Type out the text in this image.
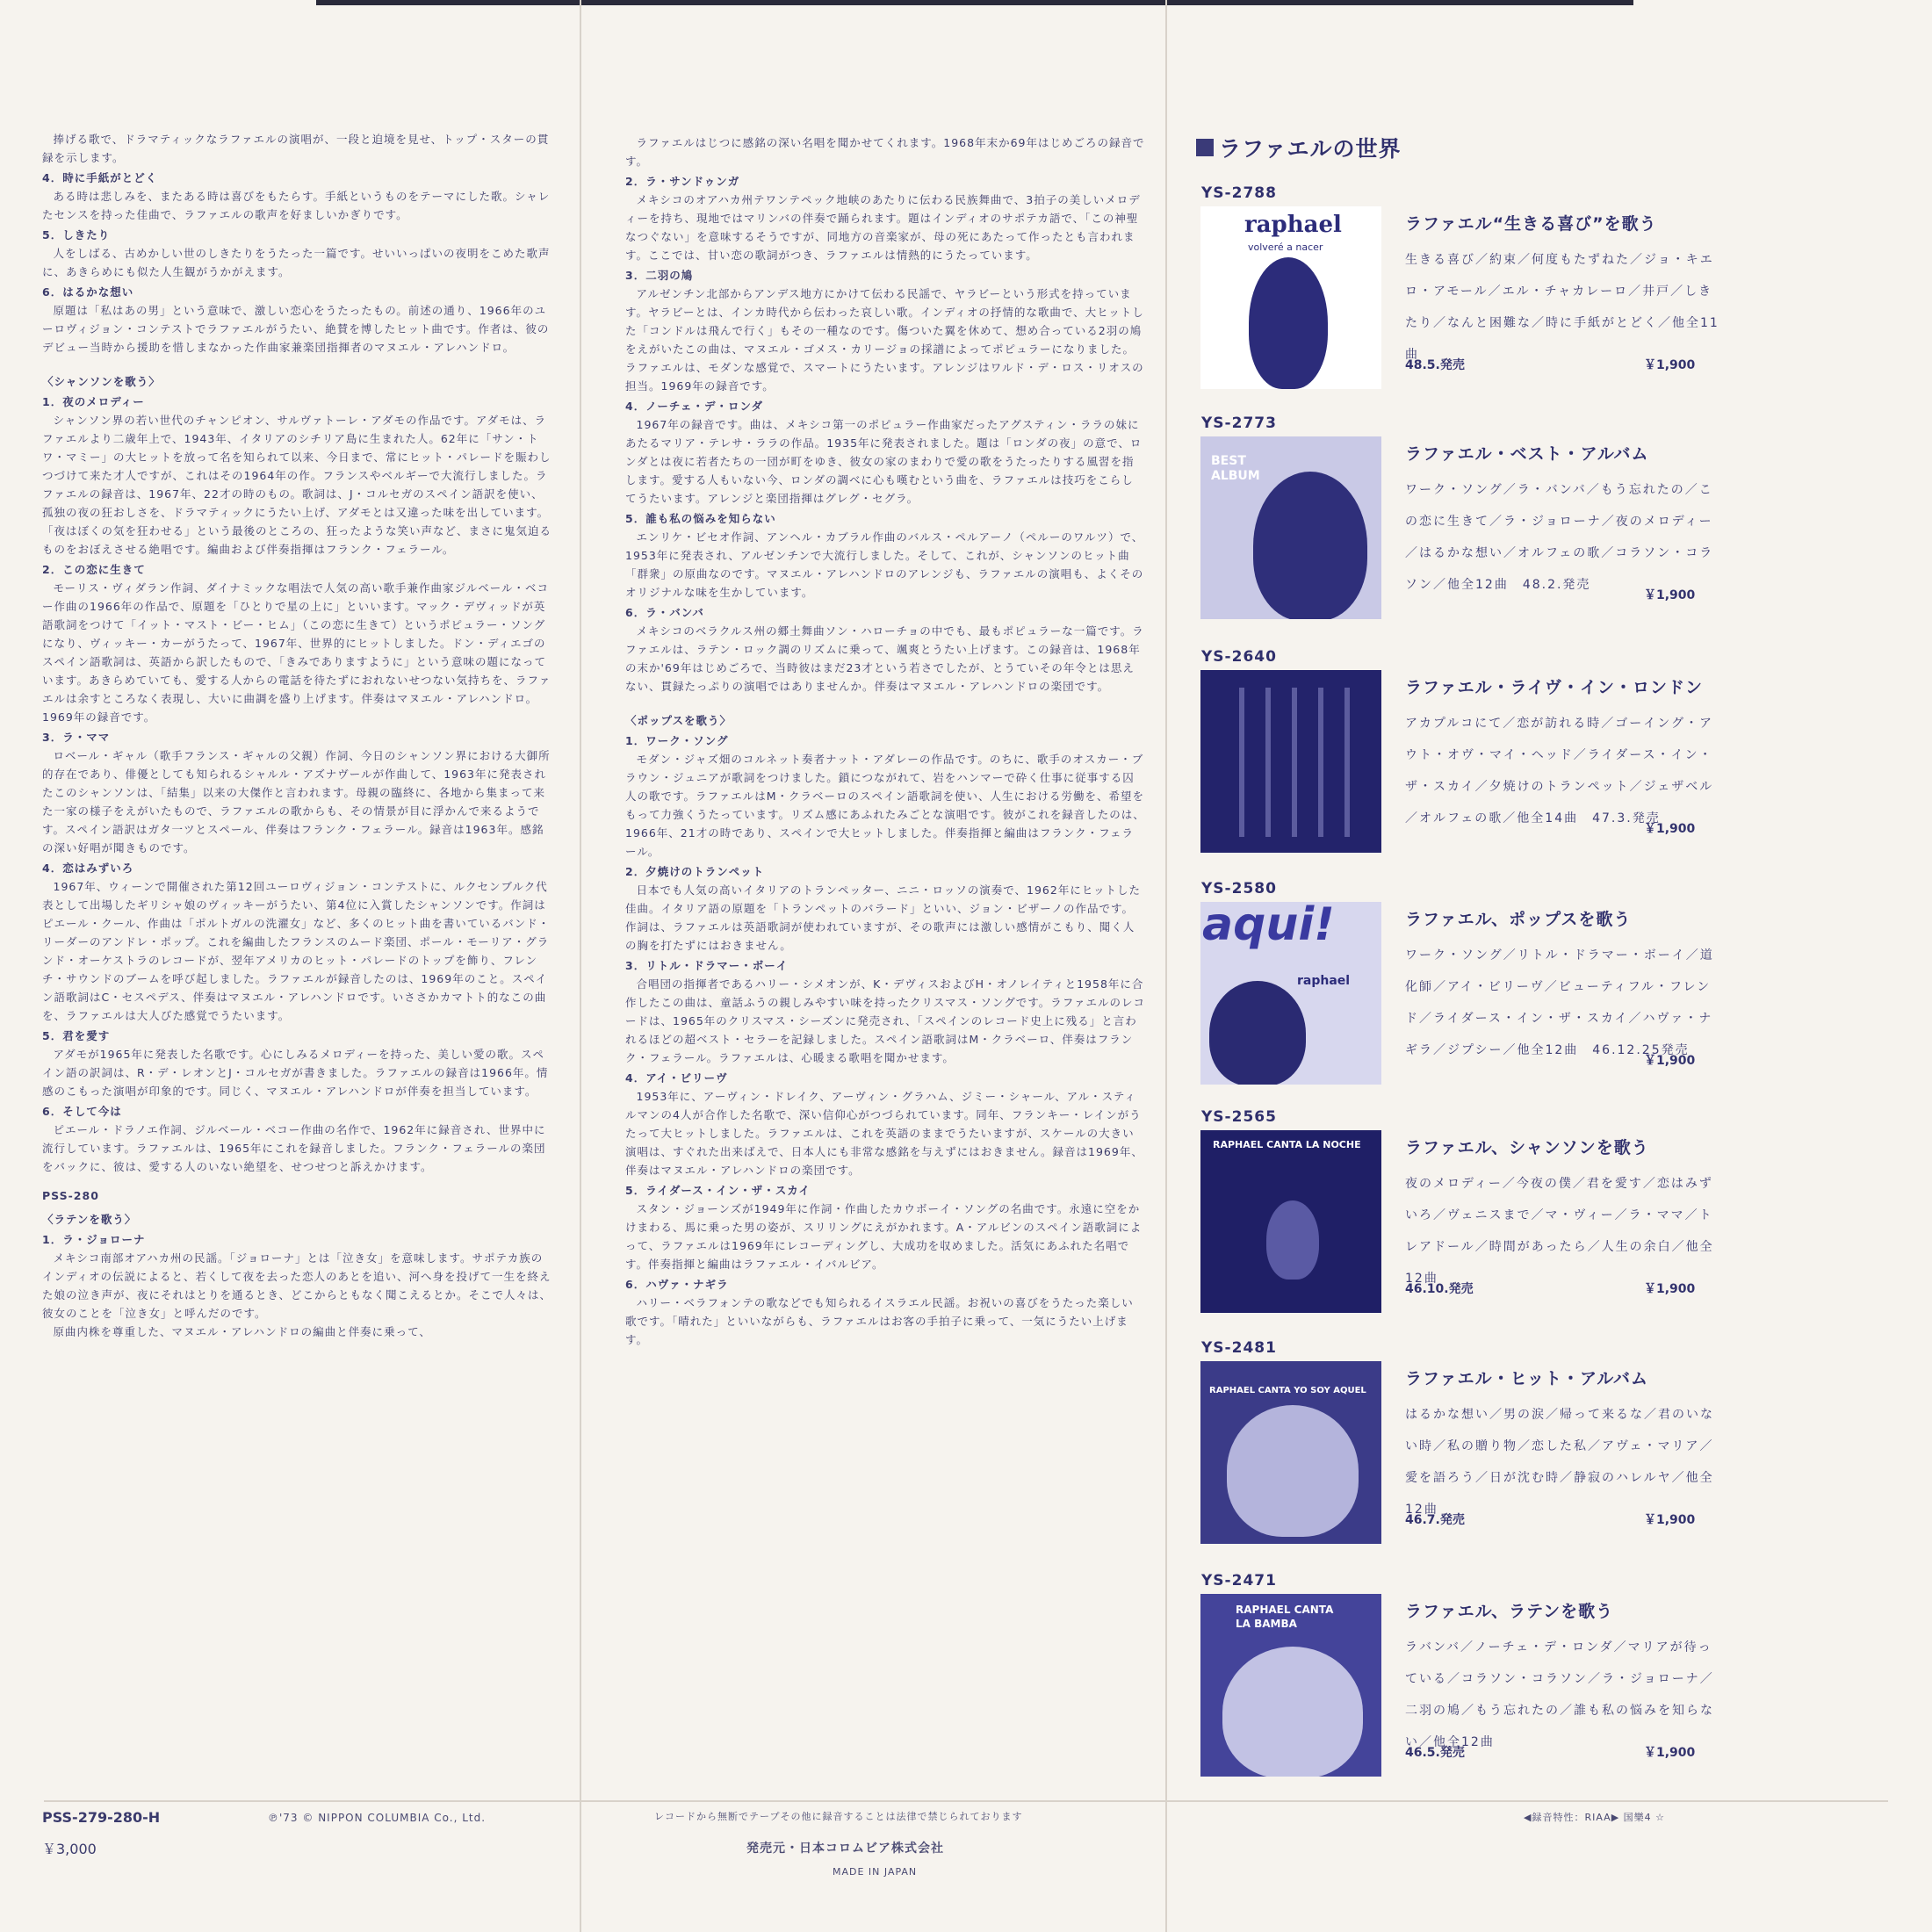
捧げる歌で、ドラマティックなラファエルの演唱が、一段と迫境を見せ、トップ・スターの貫録を示します。

4．時に手紙がとどく

ある時は悲しみを、またある時は喜びをもたらす。手紙というものをテーマにした歌。シャレたセンスを持った佳曲で、ラファエルの歌声を好ましいかぎりです。

5．しきたり

人をしばる、古めかしい世のしきたりをうたった一篇です。せいいっぱいの夜明をこめた歌声に、あきらめにも似た人生観がうかがえます。

6．はるかな想い

原題は「私はあの男」という意味で、激しい恋心をうたったもの。前述の通り、1966年のユーロヴィジョン・コンテストでラファエルがうたい、絶賛を博したヒット曲です。作者は、彼のデビュー当時から援助を惜しまなかった作曲家兼楽団指揮者のマヌエル・アレハンドロ。

〈シャンソンを歌う〉

1．夜のメロディー

シャンソン界の若い世代のチャンピオン、サルヴァトーレ・アダモの作品です。アダモは、ラファエルより二歳年上で、1943年、イタリアのシチリア島に生まれた人。62年に「サン・トワ・マミー」の大ヒットを放って名を知られて以来、今日まで、常にヒット・パレードを賑わしつづけて来た才人ですが、これはその1964年の作。フランスやベルギーで大流行しました。ラファエルの録音は、1967年、22才の時のもの。歌詞は、J・コルセガのスペイン語訳を使い、孤独の夜の狂おしさを、ドラマティックにうたい上げ、アダモとは又違った味を出しています。「夜はぼくの気を狂わせる」という最後のところの、狂ったような笑い声など、まさに鬼気迫るものをおぼえさせる絶唱です。編曲および伴奏指揮はフランク・フェラール。

2．この恋に生きて

モーリス・ヴィダラン作詞、ダイナミックな唱法で人気の高い歌手兼作曲家ジルベール・ベコー作曲の1966年の作品で、原題を「ひとりで星の上に」といいます。マック・デヴィッドが英語歌詞をつけて「イット・マスト・ビー・ヒム」（この恋に生きて）というポピュラー・ソングになり、ヴィッキー・カーがうたって、1967年、世界的にヒットしました。ドン・ディエゴのスペイン語歌詞は、英語から訳したもので、「きみでありますように」という意味の題になっています。あきらめていても、愛する人からの電話を待たずにおれないせつない気持ちを、ラファエルは余すところなく表現し、大いに曲調を盛り上げます。伴奏はマヌエル・アレハンドロ。1969年の録音です。

3．ラ・ママ

ロベール・ギャル（歌手フランス・ギャルの父親）作詞、今日のシャンソン界における大御所的存在であり、俳優としても知られるシャルル・アズナヴールが作曲して、1963年に発表されたこのシャンソンは、「結集」以来の大傑作と言われます。母親の臨終に、各地から集まって来た一家の様子をえがいたもので、ラファエルの歌からも、その情景が目に浮かんで来るようです。スペイン語訳はガタ一ツとスペール、伴奏はフランク・フェラール。録音は1963年。感銘の深い好唱が聞きものです。

4．恋はみずいろ

1967年、ウィーンで開催された第12回ユーロヴィジョン・コンテストに、ルクセンブルク代表として出場したギリシャ娘のヴィッキーがうたい、第4位に入賞したシャンソンです。作詞はピエール・クール、作曲は「ポルトガルの洗濯女」など、多くのヒット曲を書いているバンド・リーダーのアンドレ・ポップ。これを編曲したフランスのムード楽団、ポール・モーリア・グランド・オーケストラのレコードが、翌年アメリカのヒット・パレードのトップを飾り、フレンチ・サウンドのブームを呼び起しました。ラファエルが録音したのは、1969年のこと。スペイン語歌詞はC・セスペデス、伴奏はマヌエル・アレハンドロです。いささかカマトト的なこの曲を、ラファエルは大人びた感覚でうたいます。

5．君を愛す

アダモが1965年に発表した名歌です。心にしみるメロディーを持った、美しい愛の歌。スペイン語の訳詞は、R・デ・レオンとJ・コルセガが書きました。ラファエルの録音は1966年。情感のこもった演唱が印象的です。同じく、マヌエル・アレハンドロが伴奏を担当しています。

6．そして今は

ピエール・ドラノエ作詞、ジルベール・ベコー作曲の名作で、1962年に録音され、世界中に流行しています。ラファエルは、1965年にこれを録音しました。フランク・フェラールの楽団をバックに、彼は、愛する人のいない絶望を、せつせつと訴えかけます。

PSS-280

〈ラテンを歌う〉

1．ラ・ジョローナ

メキシコ南部オアハカ州の民謡。「ジョローナ」とは「泣き女」を意味します。サポテカ族のインディオの伝説によると、若くして夜を去った恋人のあとを追い、河へ身を投げて一生を終えた娘の泣き声が、夜にそれはとりを通るとき、どこからともなく聞こえるとか。そこで人々は、彼女のことを「泣き女」と呼んだのです。

原曲内株を尊重した、マヌエル・アレハンドロの編曲と伴奏に乗って、

ラファエルはじつに感銘の深い名唱を聞かせてくれます。1968年末か69年はじめごろの録音です。

2．ラ・サンドゥンガ

メキシコのオアハカ州テワンテペック地峡のあたりに伝わる民族舞曲で、3拍子の美しいメロディーを持ち、現地ではマリンバの伴奏で踊られます。題はインディオのサポテカ語で、「この神聖なつぐない」を意味するそうですが、同地方の音楽家が、母の死にあたって作ったとも言われます。ここでは、甘い恋の歌詞がつき、ラファエルは情熱的にうたっています。

3．二羽の鳩

アルゼンチン北部からアンデス地方にかけて伝わる民謡で、ヤラビーという形式を持っています。ヤラビーとは、インカ時代から伝わった哀しい歌。インディオの抒情的な歌曲で、大ヒットした「コンドルは飛んで行く」もその一種なのです。傷ついた翼を休めて、想め合っている2羽の鳩をえがいたこの曲は、マヌエル・ゴメス・カリージョの採譜によってポピュラーになりました。ラファエルは、モダンな感覚で、スマートにうたいます。アレンジはワルド・デ・ロス・リオスの担当。1969年の録音です。

4．ノーチェ・デ・ロンダ

1967年の録音です。曲は、メキシコ第一のポピュラー作曲家だったアグスティン・ララの妹にあたるマリア・テレサ・ララの作品。1935年に発表されました。題は「ロンダの夜」の意で、ロンダとは夜に若者たちの一団が町をゆき、彼女の家のまわりで愛の歌をうたったりする風習を指します。愛する人もいない今、ロンダの調べに心も嘆むという曲を、ラファエルは技巧をこらしてうたいます。アレンジと楽団指揮はグレグ・セグラ。

5．誰も私の悩みを知らない

エンリケ・ビセオ作詞、アンヘル・カブラル作曲のバルス・ペルアーノ（ペルーのワルツ）で、1953年に発表され、アルゼンチンで大流行しました。そして、これが、シャンソンのヒット曲「群衆」の原曲なのです。マヌエル・アレハンドロのアレンジも、ラファエルの演唱も、よくそのオリジナルな味を生かしています。

6．ラ・バンバ

メキシコのベラクルス州の郷土舞曲ソン・ハローチョの中でも、最もポピュラーな一篇です。ラファエルは、ラテン・ロック調のリズムに乗って、颯爽とうたい上げます。この録音は、1968年の末か'69年はじめごろで、当時彼はまだ23才という若さでしたが、とうていその年令とは思えない、貫録たっぷりの演唱ではありませんか。伴奏はマヌエル・アレハンドロの楽団です。

〈ポップスを歌う〉

1．ワーク・ソング

モダン・ジャズ畑のコルネット奏者ナット・アダレーの作品です。のちに、歌手のオスカー・ブラウン・ジュニアが歌詞をつけました。鎖につながれて、岩をハンマーで砕く仕事に従事する囚人の歌です。ラファエルはM・クラベーロのスペイン語歌詞を使い、人生における労働を、希望をもって力強くうたっています。リズム感にあふれたみごとな演唱です。彼がこれを録音したのは、1966年、21才の時であり、スペインで大ヒットしました。伴奏指揮と編曲はフランク・フェラール。

2．夕焼けのトランペット

日本でも人気の高いイタリアのトランペッター、ニニ・ロッソの演奏で、1962年にヒットした佳曲。イタリア語の原題を「トランペットのバラード」といい、ジョン・ビザーノの作品です。作詞は、ラファエルは英語歌詞が使われていますが、その歌声には激しい感情がこもり、聞く人の胸を打たずにはおきません。

3．リトル・ドラマー・ボーイ

合唱団の指揮者であるハリー・シメオンが、K・デヴィスおよびH・オノレイティと1958年に合作したこの曲は、童話ふうの親しみやすい味を持ったクリスマス・ソングです。ラファエルのレコードは、1965年のクリスマス・シーズンに発売され、「スペインのレコード史上に残る」と言われるほどの超ベスト・セラーを記録しました。スペイン語歌詞はM・クラベーロ、伴奏はフランク・フェラール。ラファエルは、心暖まる歌唱を聞かせます。

4．アイ・ビリーヴ

1953年に、アーヴィン・ドレイク、アーヴィン・グラハム、ジミー・シャール、アル・スティルマンの4人が合作した名歌で、深い信仰心がつづられています。同年、フランキー・レインがうたって大ヒットしました。ラファエルは、これを英語のままでうたいますが、スケールの大きい演唱は、すぐれた出来ばえで、日本人にも非常な感銘を与えずにはおきません。録音は1969年、伴奏はマヌエル・アレハンドロの楽団です。

5．ライダース・イン・ザ・スカイ

スタン・ジョーンズが1949年に作詞・作曲したカウボーイ・ソングの名曲です。永遠に空をかけまわる、馬に乗った男の姿が、スリリングにえがかれます。A・アルビンのスペイン語歌詞によって、ラファエルは1969年にレコーディングし、大成功を収めました。活気にあふれた名唱です。伴奏指揮と編曲はラファエル・イバルビア。

6．ハヴァ・ナギラ

ハリー・ベラフォンテの歌などでも知られるイスラエル民謡。お祝いの喜びをうたった楽しい歌です。「晴れた」といいながらも、ラファエルはお客の手拍子に乗って、一気にうたい上げます。

ラファエルの世界
YS-2788
raphael
volveré a nacer
ラファエル“生きる喜び”を歌う
生きる喜び／約束／何度もたずねた／ジョ・キエロ・アモール／エル・チャカレーロ／井戸／しきたり／なんと困難な／時に手紙がとどく／他全11曲
48.5.発売	￥1,900
YS-2773
BEST ALBUM
ラファエル・ベスト・アルバム
ワーク・ソング／ラ・バンバ／もう忘れたの／この恋に生きて／ラ・ジョローナ／夜のメロディー／はるかな想い／オルフェの歌／コラソン・コラソン／他全12曲　48.2.発売
￥1,900
YS-2640
ラファエル・ライヴ・イン・ロンドン
アカプルコにて／恋が訪れる時／ゴーイング・アウト・オヴ・マイ・ヘッド／ライダース・イン・ザ・スカイ／夕焼けのトランペット／ジェザベル／オルフェの歌／他全14曲　47.3.発売
￥1,900
YS-2580
aqui!
raphael
ラファエル、ポップスを歌う
ワーク・ソング／リトル・ドラマー・ボーイ／道化師／アイ・ビリーヴ／ビューティフル・フレンド／ライダース・イン・ザ・スカイ／ハヴァ・ナギラ／ジプシー／他全12曲　46.12.25発売
￥1,900
YS-2565
RAPHAEL CANTA LA NOCHE	ラファエル、シャンソンを歌う
夜のメロディー／今夜の僕／君を愛す／恋はみずいろ／ヴェニスまで／マ・ヴィー／ラ・ママ／トレアドール／時間があったら／人生の余白／他全12曲
46.10.発売	￥1,900
YS-2481
RAPHAEL CANTA YO SOY AQUEL
ラファエル・ヒット・アルバム
はるかな想い／男の涙／帰って来るな／君のいない時／私の贈り物／恋した私／アヴェ・マリア／愛を語ろう／日が沈む時／静寂のハレルヤ／他全12曲
46.7.発売	￥1,900
YS-2471
RAPHAEL CANTA LA BAMBA
ラファエル、ラテンを歌う
ラバンバ／ノーチェ・デ・ロンダ／マリアが待っている／コラソン・コラソン／ラ・ジョローナ／二羽の鳩／もう忘れたの／誰も私の悩みを知らない／他全12曲
46.5.発売	￥1,900
PSS-279-280-H	℗'73 © NIPPON COLUMBIA Co., Ltd.
￥3,000
レコードから無断でテープその他に録音することは法律で禁じられております
発売元・日本コロムビア株式会社
MADE IN JAPAN
◀録音特性：RIAA▶ 国樂4 ☆
